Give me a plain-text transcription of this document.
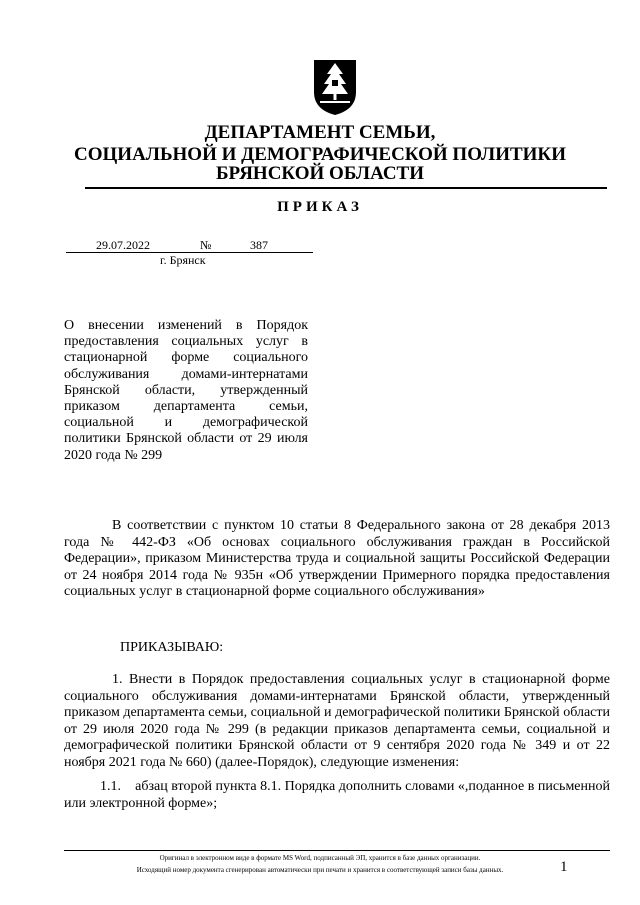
ДЕПАРТАМЕНТ СЕМЬИ,
СОЦИАЛЬНОЙ И ДЕМОГРАФИЧЕСКОЙ ПОЛИТИКИ
БРЯНСКОЙ ОБЛАСТИ
ПРИКАЗ
29.07.2022	№	387
г. Брянск
О внесении изменений в Порядок предоставления социальных услуг в стационарной форме социального обслуживания домами-интернатами Брянской области, утвержденный приказом департамента семьи, социальной и демографической политики Брянской области от 29 июля 2020 года № 299
В соответствии с пунктом 10 статьи 8 Федерального закона от 28 декабря 2013 года № 442-ФЗ «Об основах социального обслуживания граждан в Российской Федерации», приказом Министерства труда и социальной защиты Российской Федерации от 24 ноября 2014 года № 935н «Об утверждении Примерного порядка предоставления социальных услуг в стационарной форме социального обслуживания»
ПРИКАЗЫВАЮ:
1. Внести в Порядок предоставления социальных услуг в стационарной форме социального обслуживания домами-интернатами Брянской области, утвержденный приказом департамента семьи, социальной и демографической политики Брянской области от 29 июля 2020 года № 299 (в редакции приказов департамента семьи, социальной и демографической политики Брянской области от 9 сентября 2020 года № 349 и от 22 ноября 2021 года № 660) (далее-Порядок), следующие изменения:
1.1.    абзац второй пункта 8.1. Порядка дополнить словами «,поданное в письменной или электронной форме»;
Оригинал в электронном виде в формате MS Word, подписанный ЭП, хранится в базе данных организации.
Исходящий номер документа сгенерирован автоматически при печати и хранится в соответствующей записи базы данных.	1
